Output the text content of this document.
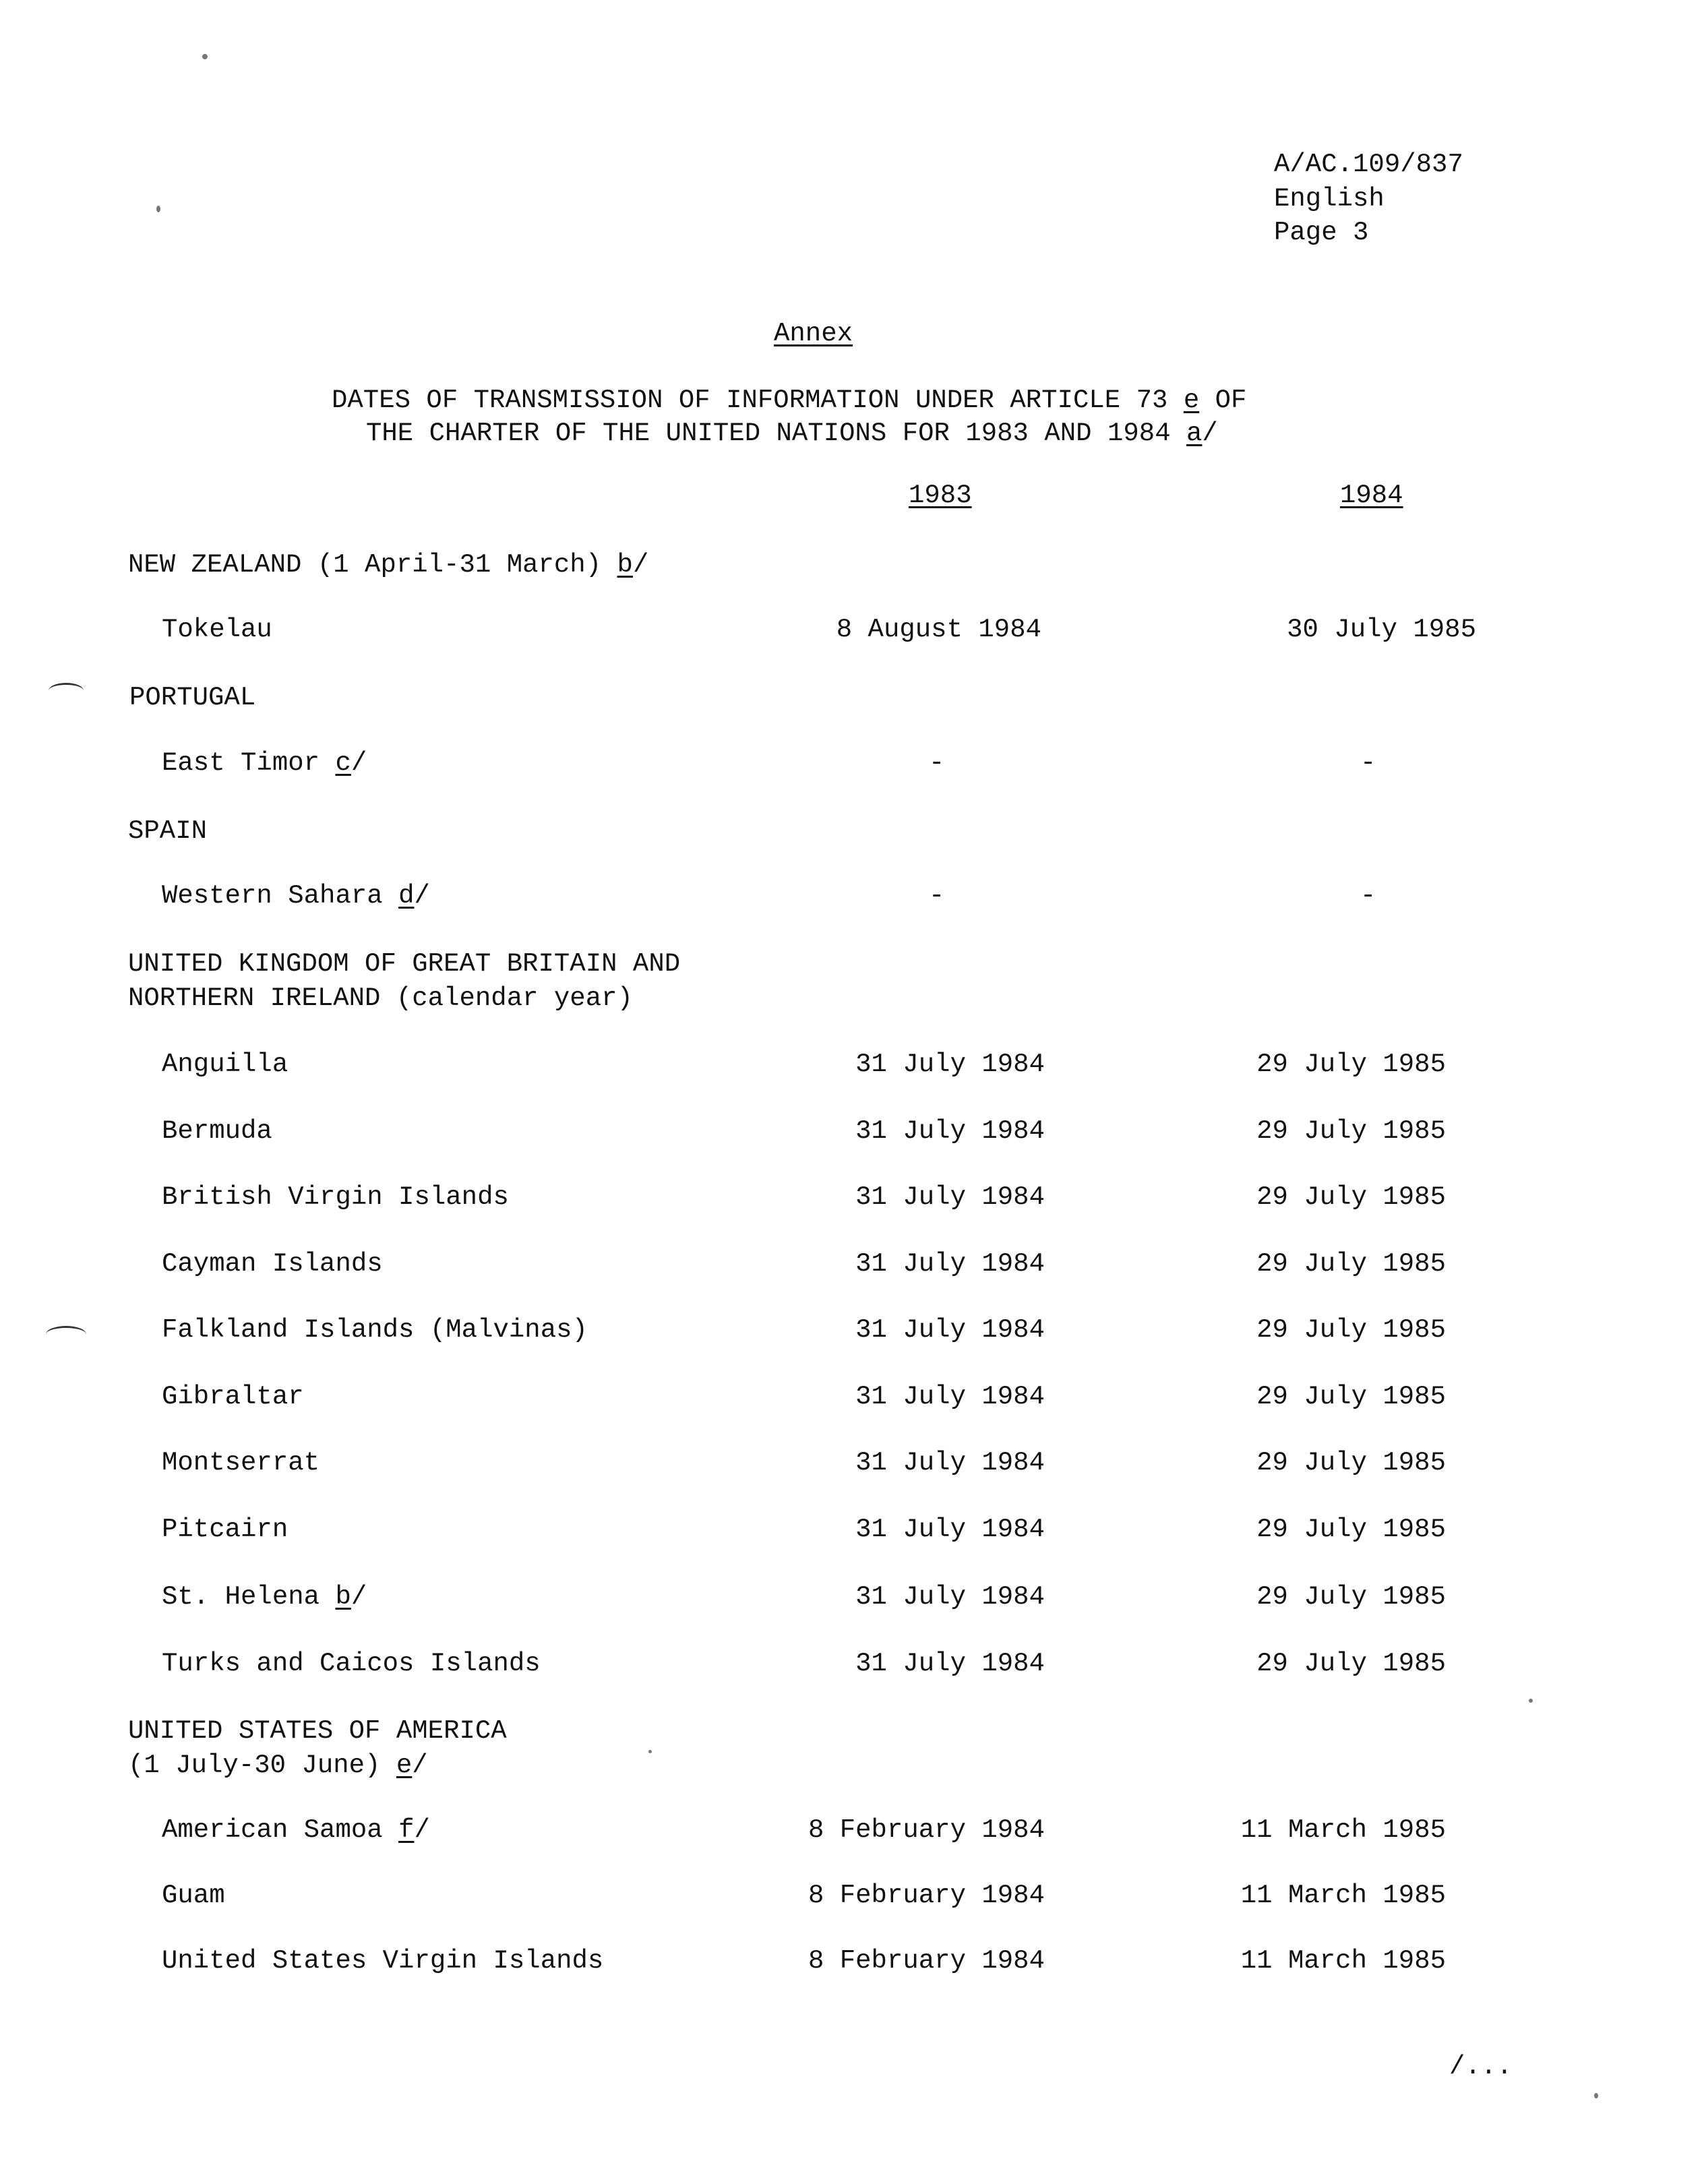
A/AC.109/837
English
Page 3
Annex
DATES OF TRANSMISSION OF INFORMATION UNDER ARTICLE 73 e OF
THE CHARTER OF THE UNITED NATIONS FOR 1983 AND 1984 a/
1983	1984
NEW ZEALAND (1 April-31 March) b/
Tokelau	8 August 1984	30 July 1985
PORTUGAL
East Timor c/	-	-
SPAIN
Western Sahara d/	-	-
UNITED KINGDOM OF GREAT BRITAIN AND
NORTHERN IRELAND (calendar year)
Anguilla	31 July 1984	29 July 1985
Bermuda	31 July 1984	29 July 1985
British Virgin Islands	31 July 1984	29 July 1985
Cayman Islands	31 July 1984	29 July 1985
Falkland Islands (Malvinas)	31 July 1984	29 July 1985
Gibraltar	31 July 1984	29 July 1985
Montserrat	31 July 1984	29 July 1985
Pitcairn	31 July 1984	29 July 1985
St. Helena b/	31 July 1984	29 July 1985
Turks and Caicos Islands	31 July 1984	29 July 1985
UNITED STATES OF AMERICA
(1 July-30 June) e/
American Samoa f/	8 February 1984	11 March 1985
Guam	8 February 1984	11 March 1985
United States Virgin Islands	8 February 1984	11 March 1985
/...
